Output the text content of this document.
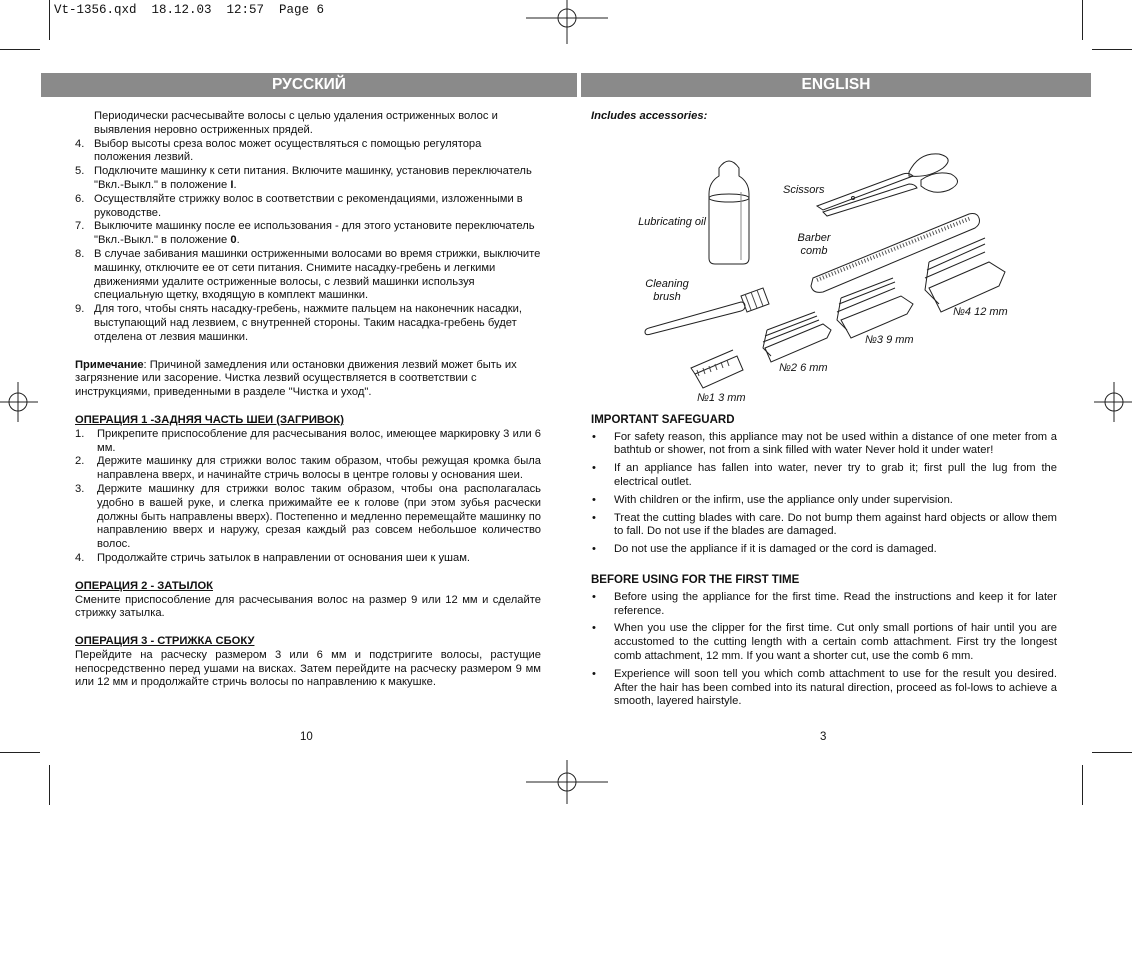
Vt-1356.qxd  18.12.03  12:57  Page 6
РУССКИЙ	ENGLISH
Периодически расчесывайте волосы с целью удаления остриженных волос и выявления неровно остриженных прядей.
4. Выбор высоты среза волос может осуществляться с помощью регулятора положения лезвий.
5. Подключите машинку к сети питания. Включите машинку, установив переключатель "Вкл.-Выкл." в положение I.
6. Осуществляйте стрижку волос в соответствии с рекомендациями, изложенными в руководстве.
7. Выключите машинку после ее использования - для этого установите переключатель "Вкл.-Выкл." в положение 0.
8. В случае забивания машинки остриженными волосами во время стрижки, выключите машинку, отключите ее от сети питания. Снимите насадку-гребень и легкими движениями удалите остриженные волосы, с лезвий машинки используя специальную щетку, входящую в комплект машинки.
9. Для того, чтобы снять насадку-гребень, нажмите пальцем на наконечник насадки, выступающий над лезвием, с внутренней стороны. Таким насадка-гребень будет отделена от лезвия машинки.

Примечание: Причиной замедления или остановки движения лезвий может быть их загрязнение или засорение. Чистка лезвий осуществляется в соответствии с инструкциями, приведенными в разделе "Чистка и уход".

ОПЕРАЦИЯ 1 -ЗАДНЯЯ ЧАСТЬ ШЕИ (ЗАГРИВОК)

1. Прикрепите приспособление для расчесывания волос, имеющее маркировку 3 или 6 мм.
2. Держите машинку для стрижки волос таким образом, чтобы режущая кромка была направлена вверх, и начинайте стричь волосы в центре головы у основания шеи.
3. Держите машинку для стрижки волос таким образом, чтобы она располагалась удобно в вашей руке, и слегка прижимайте ее к голове (при этом зубья расчески должны быть направлены вверх). Постепенно и медленно перемещайте машинку по направлению вверх и наружу, срезая каждый раз совсем небольшое количество волос.
4. Продолжайте стричь затылок в направлении от основания шеи к ушам.

ОПЕРАЦИЯ 2 - ЗАТЫЛОК

Смените приспособление для расчесывания волос на размер 9 или 12 мм и сделайте стрижку затылка.

ОПЕРАЦИЯ 3 - СТРИЖКА СБОКУ

Перейдите на расческу размером 3 или 6 мм и подстригите волосы, растущие непосредственно перед ушами на висках. Затем перейдите на расческу размером 9 мм или 12 мм и продолжайте стричь волосы по направлению к макушке.

Includes accessories:

Scissors
Lubricating oil
Barber comb
Cleaning brush
№4 12 mm
№3 9 mm
№2 6 mm
№1 3 mm

IMPORTANT SAFEGUARD

• For safety reason, this appliance may not be used within a distance of one meter from a bathtub or shower, not from a sink filled with water Never hold it under water!
• If an appliance has fallen into water, never try to grab it; first pull the lug from the electrical outlet.
• With children or the infirm, use the appliance only under supervision.
• Treat the cutting blades with care. Do not bump them against hard objects or allow them to fall. Do not use if the blades are damaged.
• Do not use the appliance if it is damaged or the cord is damaged.

BEFORE USING FOR THE FIRST TIME

• Before using the appliance for the first time. Read the instructions and keep it for later reference.
• When you use the clipper for the first time. Cut only small portions of hair until you are accustomed to the cutting length with a certain comb attachment. First try the longest comb attachment, 12 mm. If you want a shorter cut, use the comb 6 mm.
• Experience will soon tell you which comb attachment to use for the result you desired. After the hair has been combed into its natural direction, proceed as fol-lows to achieve a smooth, layered hairstyle.
10	3
